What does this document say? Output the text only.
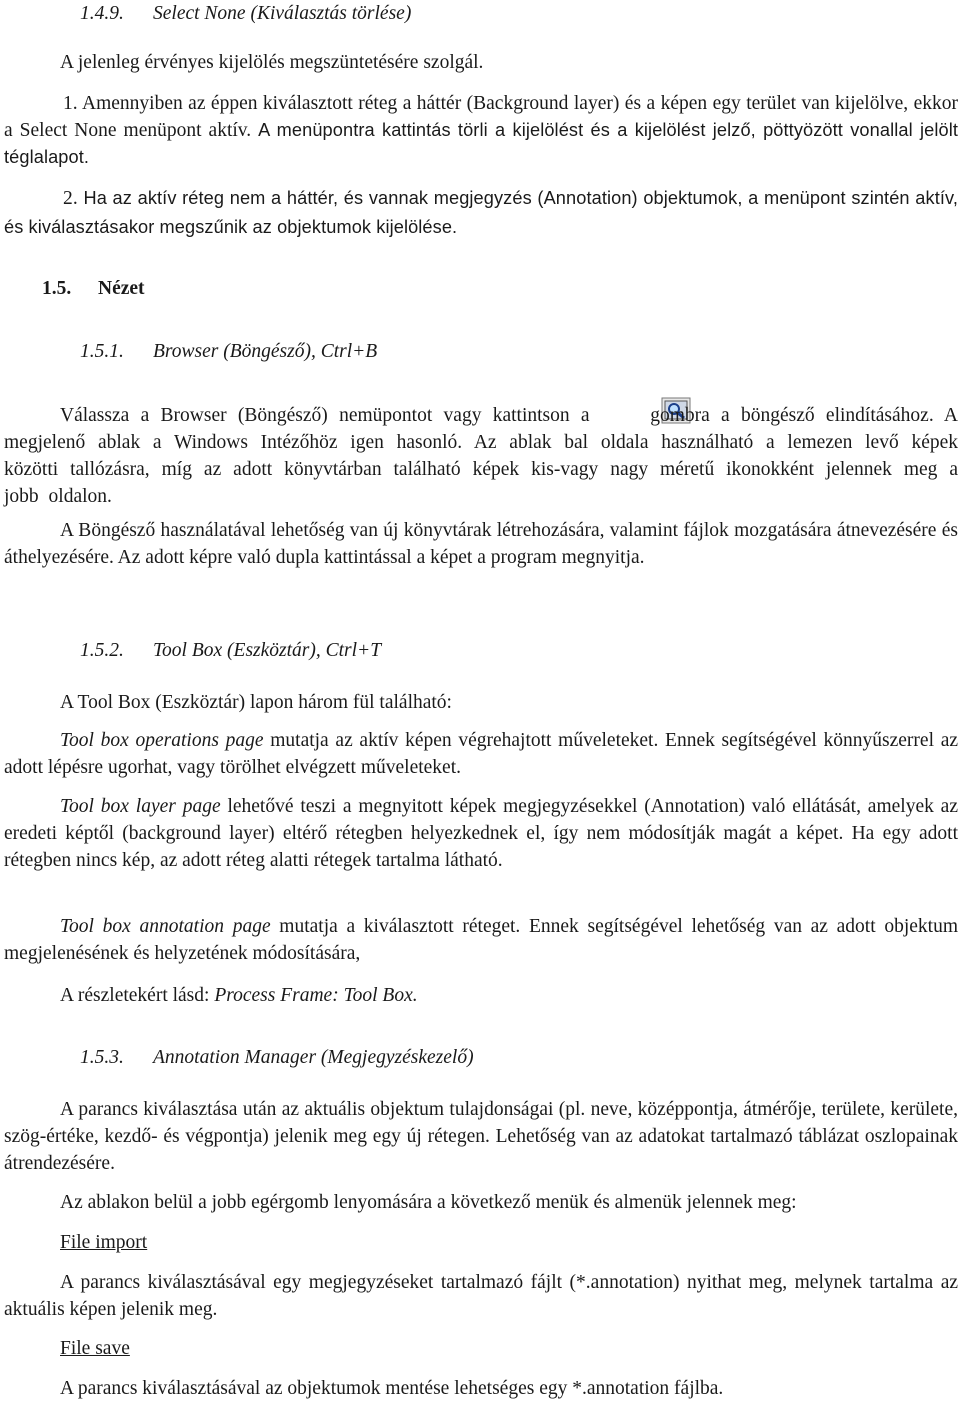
1.4.9. Select None (Kiválasztás törlése)

A jelenleg érvényes kijelölés megszüntetésére szolgál.

1. Amennyiben az éppen kiválasztott réteg a háttér (Background layer) és a képen egy terület van kijelölve, ekkor a Select None menüpont aktív. A menüpontra kattintás törli a kijelölést és a kijelölést jelző, pöttyözött vonallal jelölt téglalapot.

2. Ha az aktív réteg nem a háttér, és vannak megjegyzés (Annotation) objektumok, a menüpont szintén aktív, és kiválasztásakor megszűnik az objektumok kijelölése.

1.5. Nézet
1.5.1. Browser (Böngésző), Ctrl+B

Válassza a Browser (Böngésző) nemüpontot vagy kattintson a	gombra a böngésző elindításához. A megjelenő ablak a Windows Intézőhöz igen hasonló. Az ablak bal oldala használható a lemezen levő képek közötti tallózásra, míg az adott könyvtárban található képek kis-vagy nagy méretű ikonokként jelennek meg a jobb oldalon.

A Böngésző használatával lehetőség van új könyvtárak létrehozására, valamint fájlok mozgatására átnevezésére és áthelyezésére. Az adott képre való dupla kattintással a képet a program megnyitja.

1.5.2. Tool Box (Eszköztár), Ctrl+T

A Tool Box (Eszköztár) lapon három fül található:

Tool box operations page mutatja az aktív képen végrehajtott műveleteket. Ennek segítségével könnyűszerrel az adott lépésre ugorhat, vagy törölhet elvégzett műveleteket.

Tool box layer page lehetővé teszi a megnyitott képek megjegyzésekkel (Annotation) való ellátását, amelyek az eredeti képtől (background layer) eltérő rétegben helyezkednek el, így nem módosítják magát a képet. Ha egy adott rétegben nincs kép, az adott réteg alatti rétegek tartalma látható.

Tool box annotation page mutatja a kiválasztott réteget. Ennek segítségével lehetőség van az adott objektum megjelenésének és helyzetének módosítására,

A részletekért lásd: Process Frame: Tool Box.

1.5.3. Annotation Manager (Megjegyzéskezelő)

A parancs kiválasztása után az aktuális objektum tulajdonságai (pl. neve, középpontja, átmérője, területe, kerülete, szög-értéke, kezdő- és végpontja) jelenik meg egy új rétegen. Lehetőség van az adatokat tartalmazó táblázat oszlopainak átrendezésére.

Az ablakon belül a jobb egérgomb lenyomására a következő menük és almenük jelennek meg:

File import

A parancs kiválasztásával egy megjegyzéseket tartalmazó fájlt (*.annotation) nyithat meg, melynek tartalma az aktuális képen jelenik meg.

File save

A parancs kiválasztásával az objektumok mentése lehetséges egy *.annotation fájlba.
